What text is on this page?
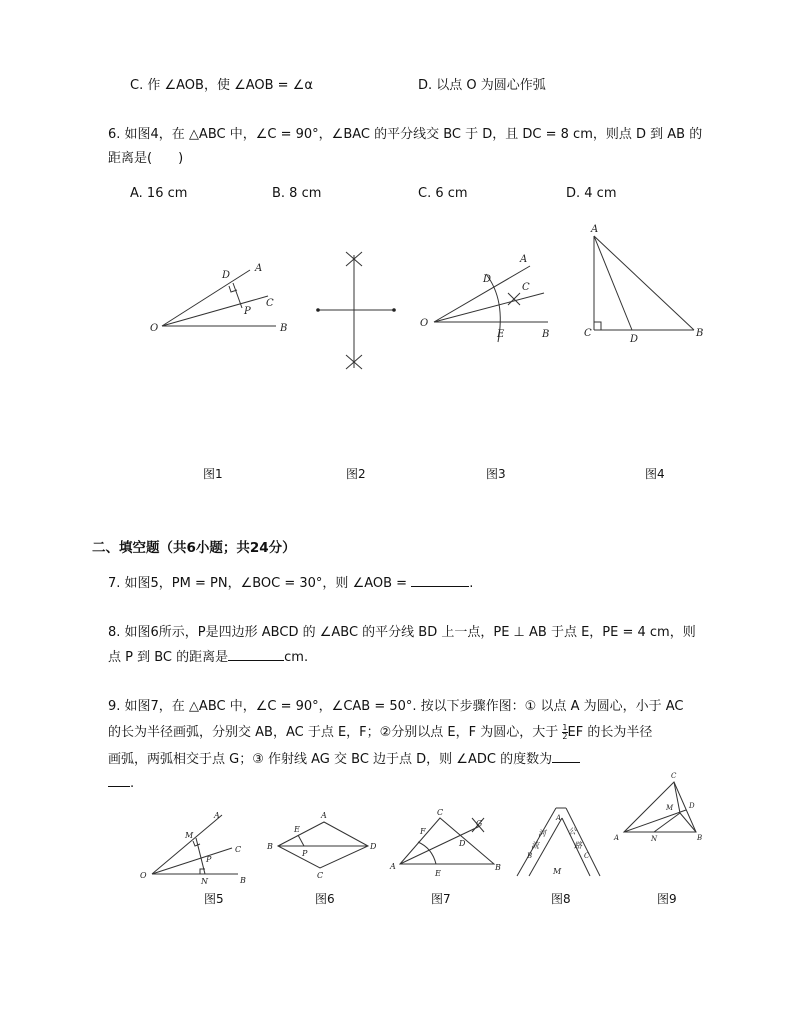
C. 作 ∠AOB，使 ∠AOB = ∠α	D. 以点 O 为圆心作弧
6. 如图4，在 △ABC 中，∠C = 90°，∠BAC 的平分线交 BC 于 D，且 DC = 8 cm，则点 D 到 AB 的
距离是(　　)
A. 16 cm	B. 8 cm	C. 6 cm	D. 4 cm
O
A
B
C
D
P
O
A
B
C
D
E
A
B
C
D
图1	图2	图3	图4
二、填空题（共6小题；共24分）
7. 如图5，PM = PN，∠BOC = 30°，则 ∠AOB =	.
8. 如图6所示，P是四边形 ABCD 的 ∠ABC 的平分线 BD 上一点，PE ⊥ AB 于点 E，PE = 4 cm，则
点 P 到 BC 的距离是	cm.
9. 如图7，在 △ABC 中，∠C = 90°，∠CAB = 50°. 按以下步骤作图：① 以点 A 为圆心，小于 AC
的长为半径画弧，分别交 AB，AC 于点 E，F；②分别以点 E，F 为圆心，大于 $\frac{1}{2}$ EF 的长为半径
画弧，两弧相交于点 G；③ 作射线 AG 交 BC 边于点 D，则 ∠ADC 的度数为
.
O
A
B
C
M
N
P
B
A
D
C
E
P
A	B
C
D
E
F
G
A
B	C
M
河
流
公
路
A	B
C
D
M
N
图5	图6	图7	图8	图9
